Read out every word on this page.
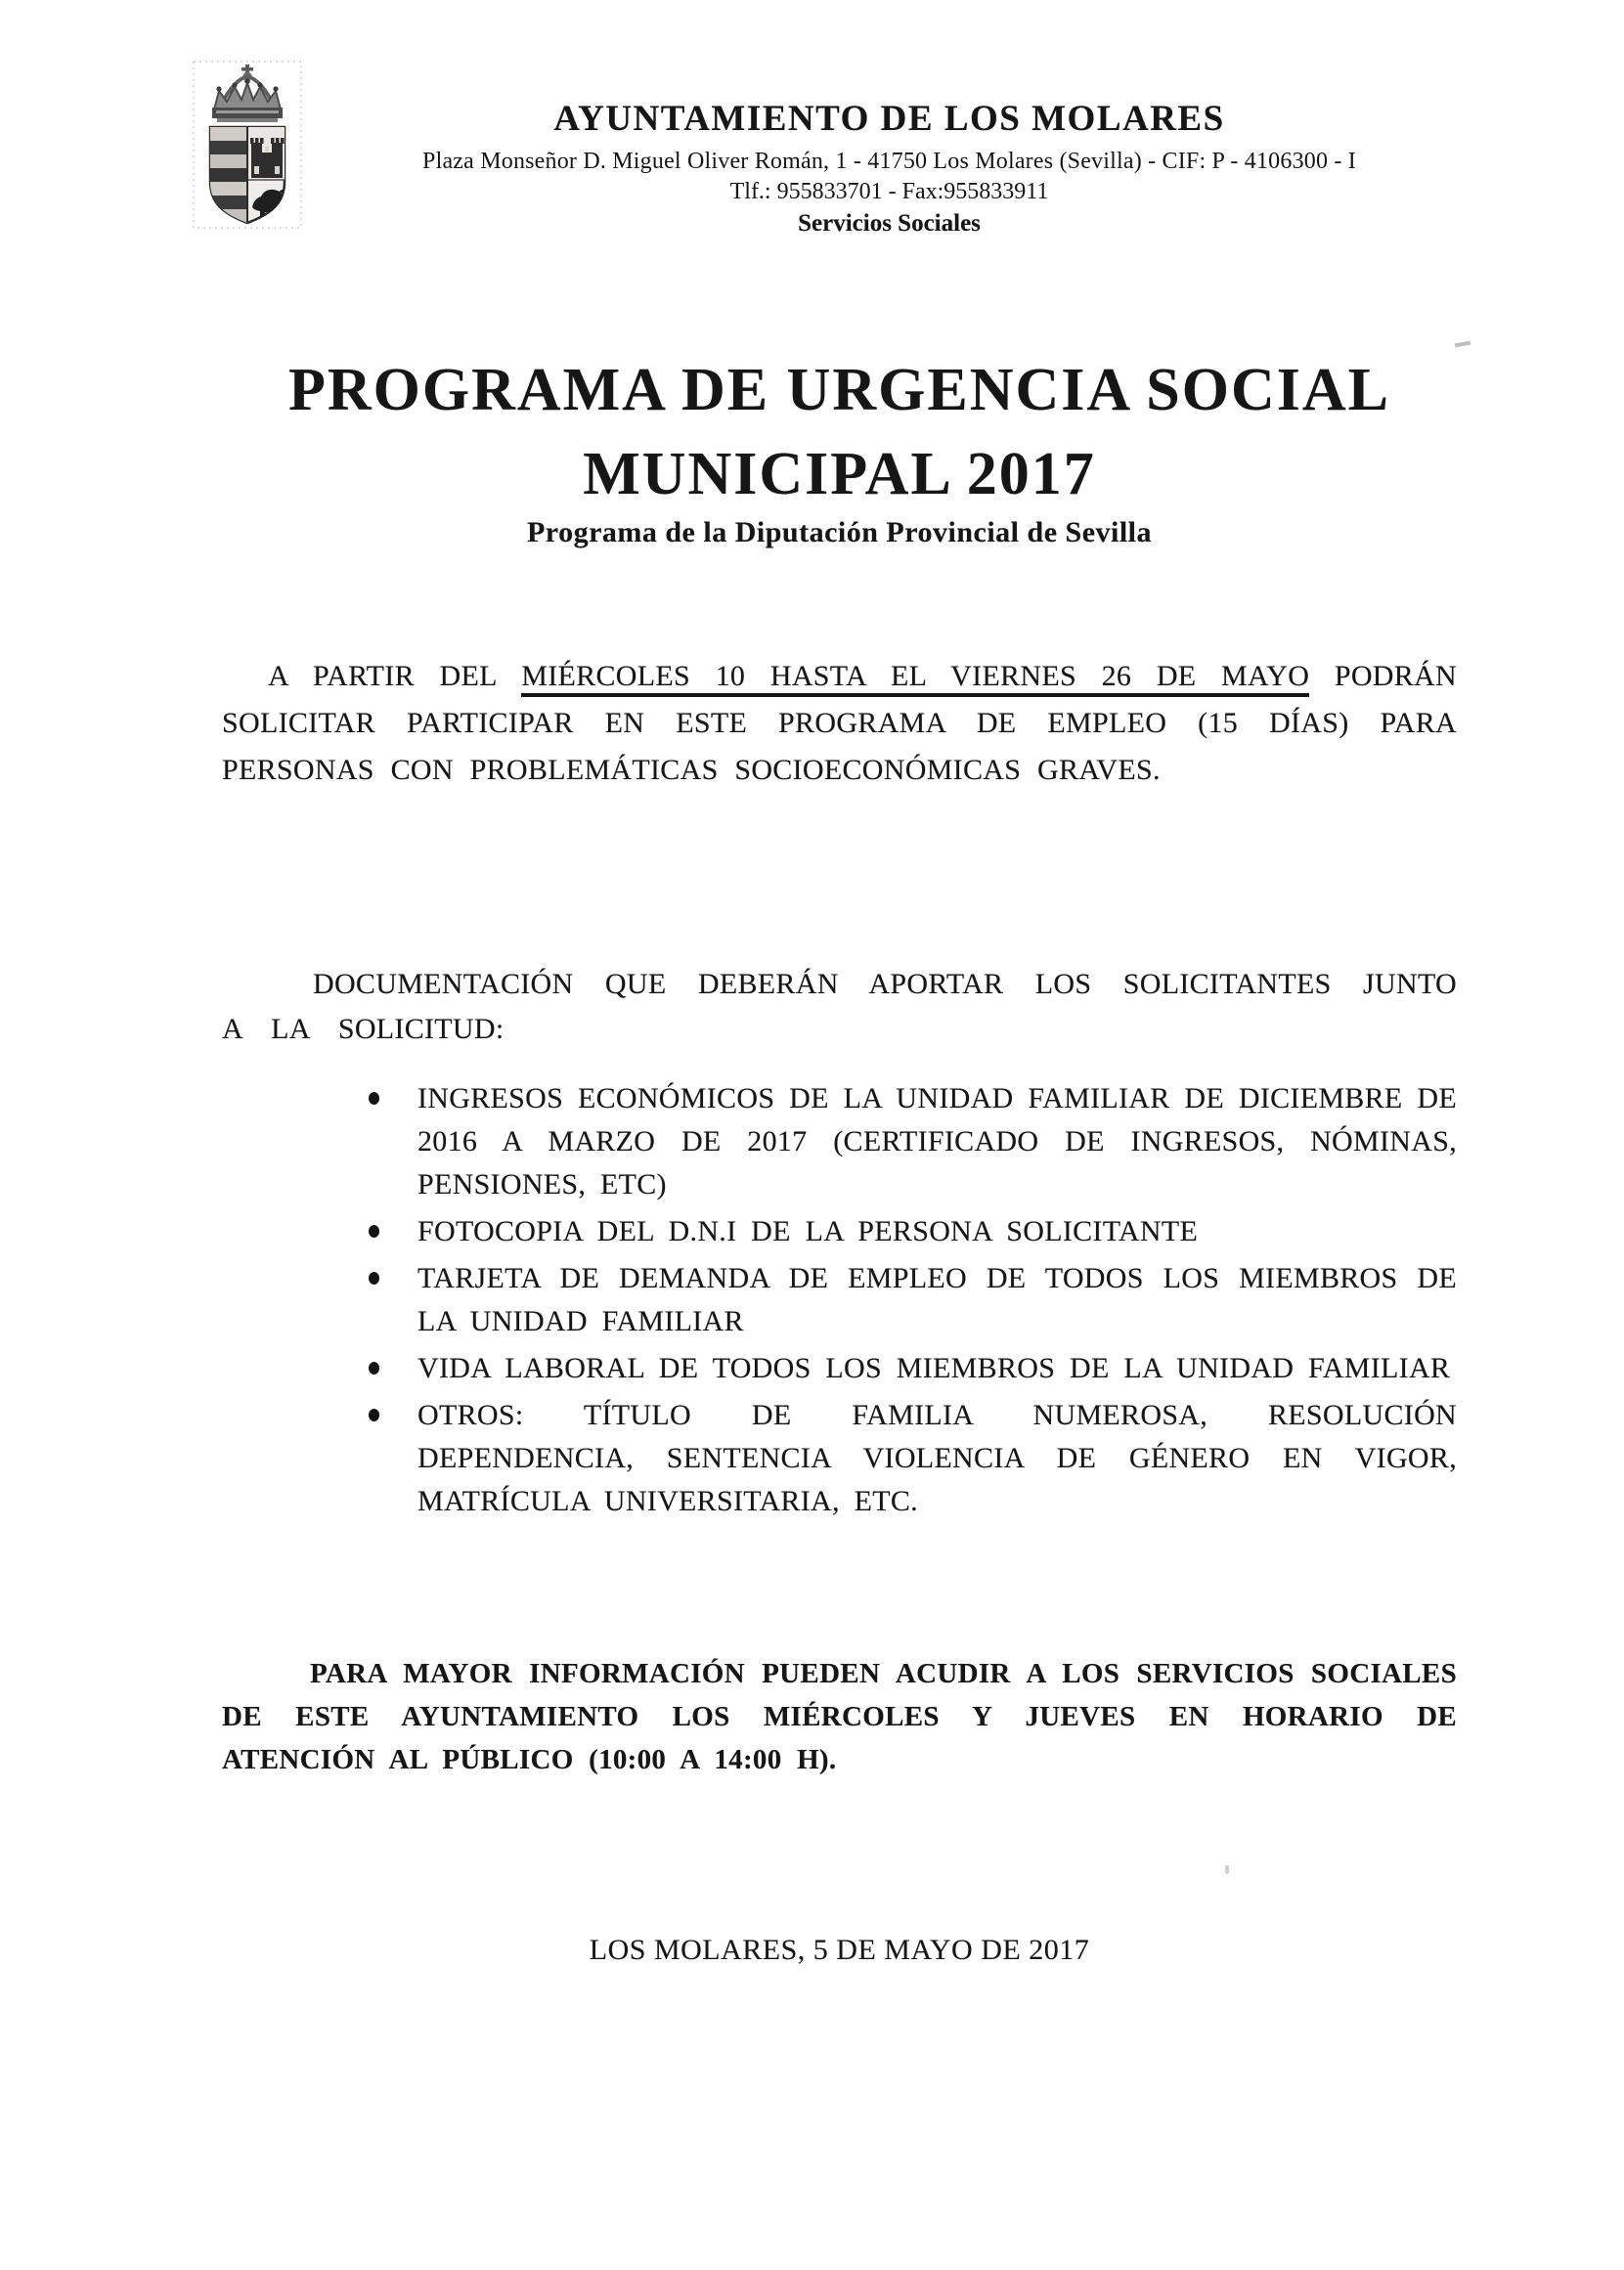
AYUNTAMIENTO DE LOS MOLARES
Plaza Monseñor D. Miguel Oliver Román, 1 - 41750 Los Molares (Sevilla) - CIF: P - 4106300 - I
Tlf.: 955833701 - Fax:955833911
Servicios Sociales
PROGRAMA DE URGENCIA SOCIAL
MUNICIPAL 2017
Programa de la Diputación Provincial de Sevilla

A PARTIR DEL MIÉRCOLES 10 HASTA EL VIERNES 26 DE MAYO PODRÁN SOLICITAR PARTICIPAR EN ESTE PROGRAMA DE EMPLEO (15 DÍAS) PARA PERSONAS CON PROBLEMÁTICAS SOCIOECONÓMICAS GRAVES.

DOCUMENTACIÓN QUE DEBERÁN APORTAR LOS SOLICITANTES JUNTO A LA SOLICITUD:

INGRESOS ECONÓMICOS DE LA UNIDAD FAMILIAR DE DICIEMBRE DE 2016 A MARZO DE 2017 (CERTIFICADO DE INGRESOS, NÓMINAS, PENSIONES, ETC)
FOTOCOPIA DEL D.N.I DE LA PERSONA SOLICITANTE
TARJETA DE DEMANDA DE EMPLEO DE TODOS LOS MIEMBROS DE LA UNIDAD FAMILIAR
VIDA LABORAL DE TODOS LOS MIEMBROS DE LA UNIDAD FAMILIAR
OTROS: TÍTULO DE FAMILIA NUMEROSA, RESOLUCIÓN DEPENDENCIA, SENTENCIA VIOLENCIA DE GÉNERO EN VIGOR, MATRÍCULA UNIVERSITARIA, ETC.

PARA MAYOR INFORMACIÓN PUEDEN ACUDIR A LOS SERVICIOS SOCIALES DE ESTE AYUNTAMIENTO LOS MIÉRCOLES Y JUEVES EN HORARIO DE ATENCIÓN AL PÚBLICO (10:00 A 14:00 H).

LOS MOLARES, 5 DE MAYO DE 2017
